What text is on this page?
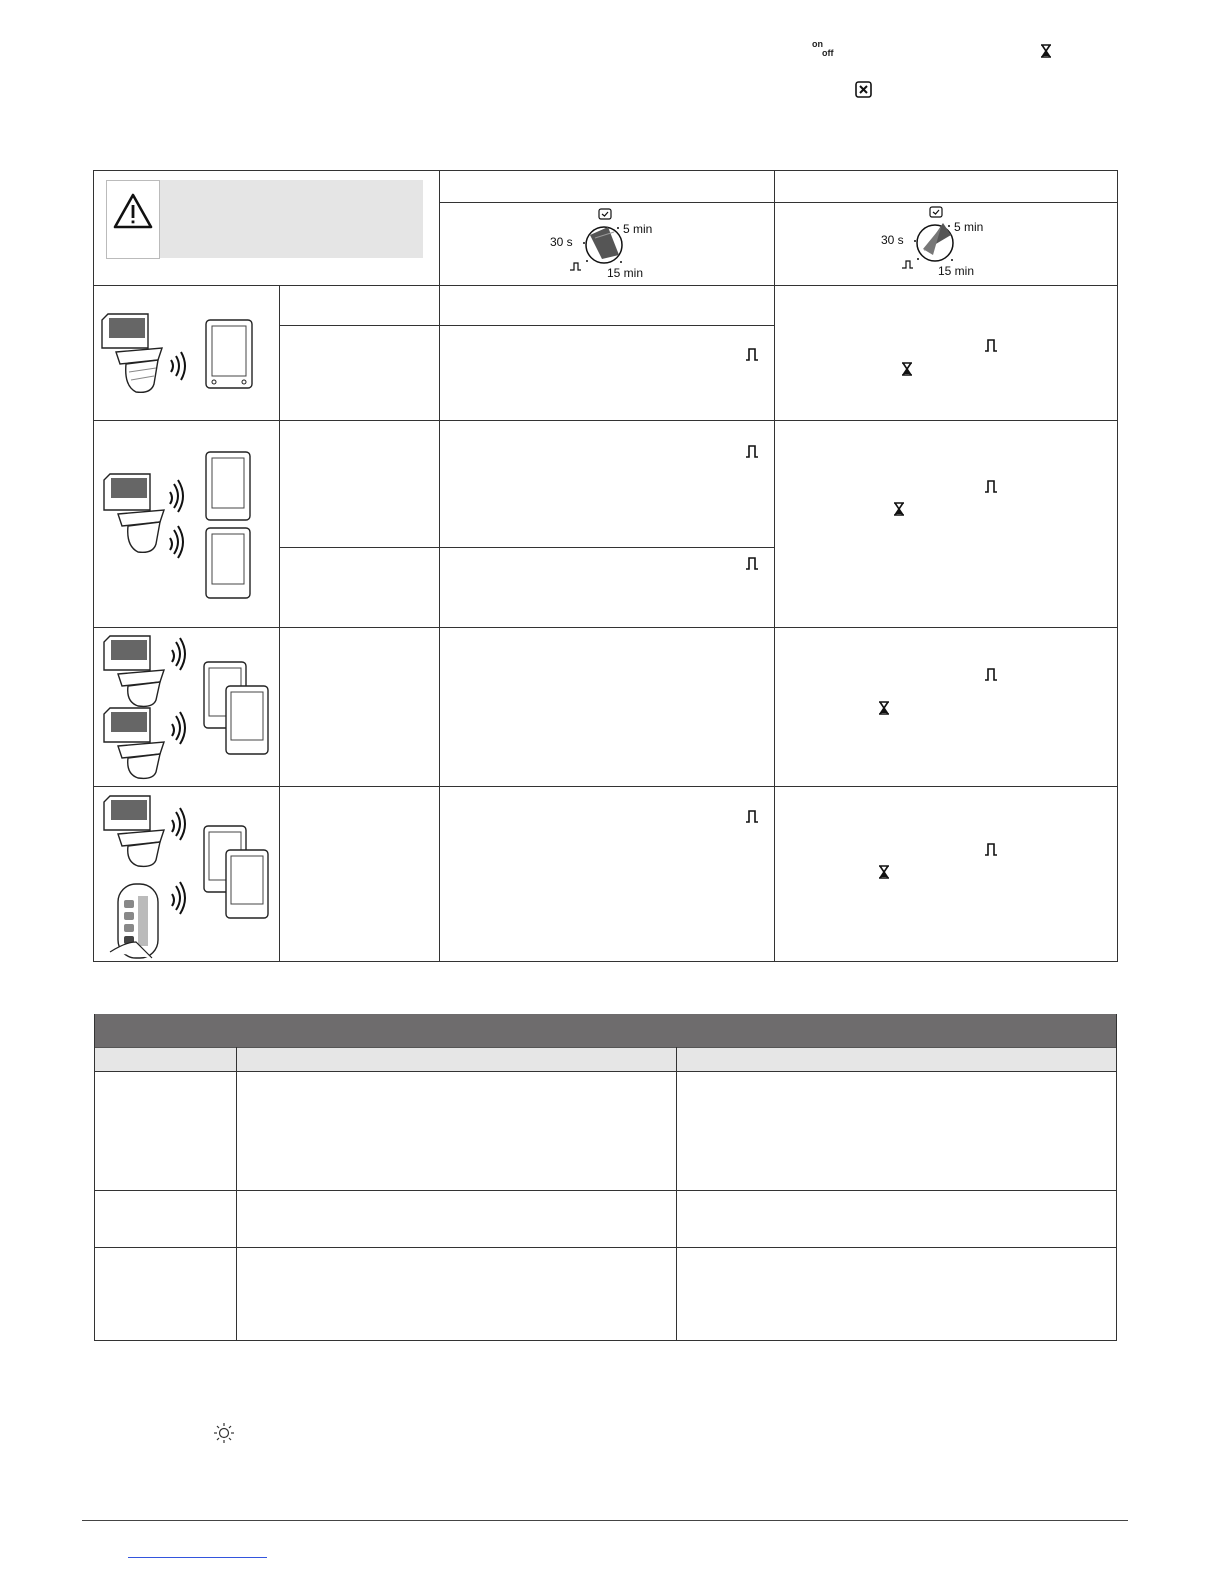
on
off
30 s
5 min
15 min
30 s
5 min
15 min
